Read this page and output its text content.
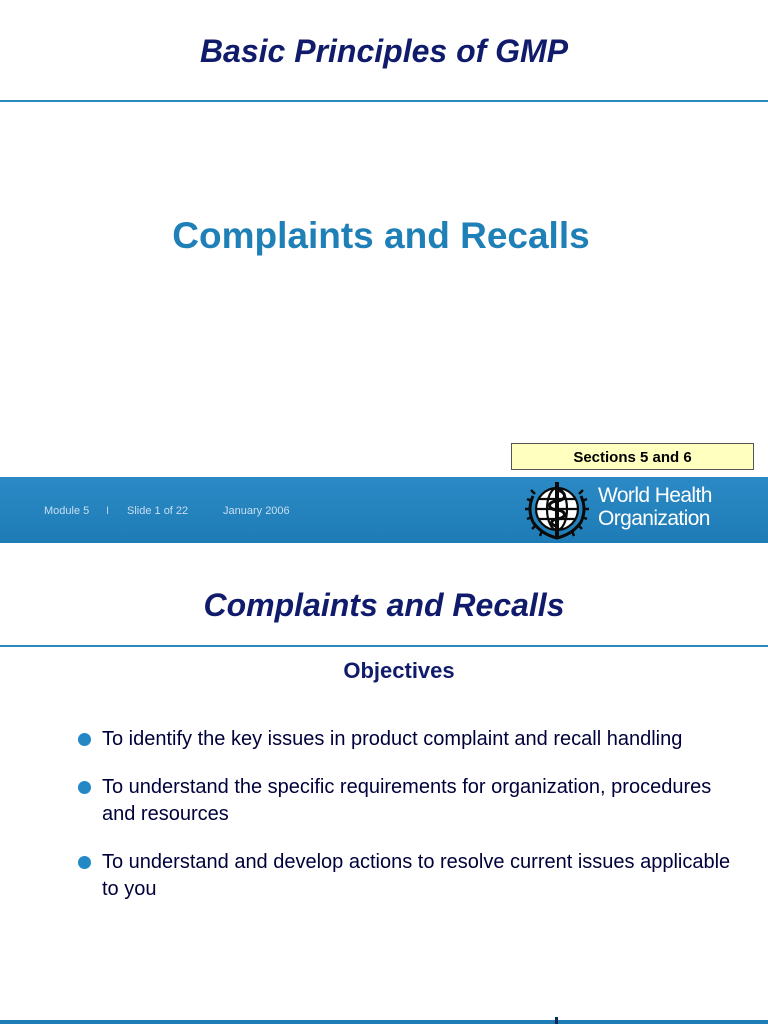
Basic Principles of GMP
Complaints and Recalls
Sections 5 and 6
Module 5 I Slide 1 of 22	January 2006
World Health
Organization
Complaints and Recalls
Objectives
To identify the key issues in product complaint and recall handling
To understand the specific requirements for organization, procedures and resources
To understand and develop actions to resolve current issues applicable to you
